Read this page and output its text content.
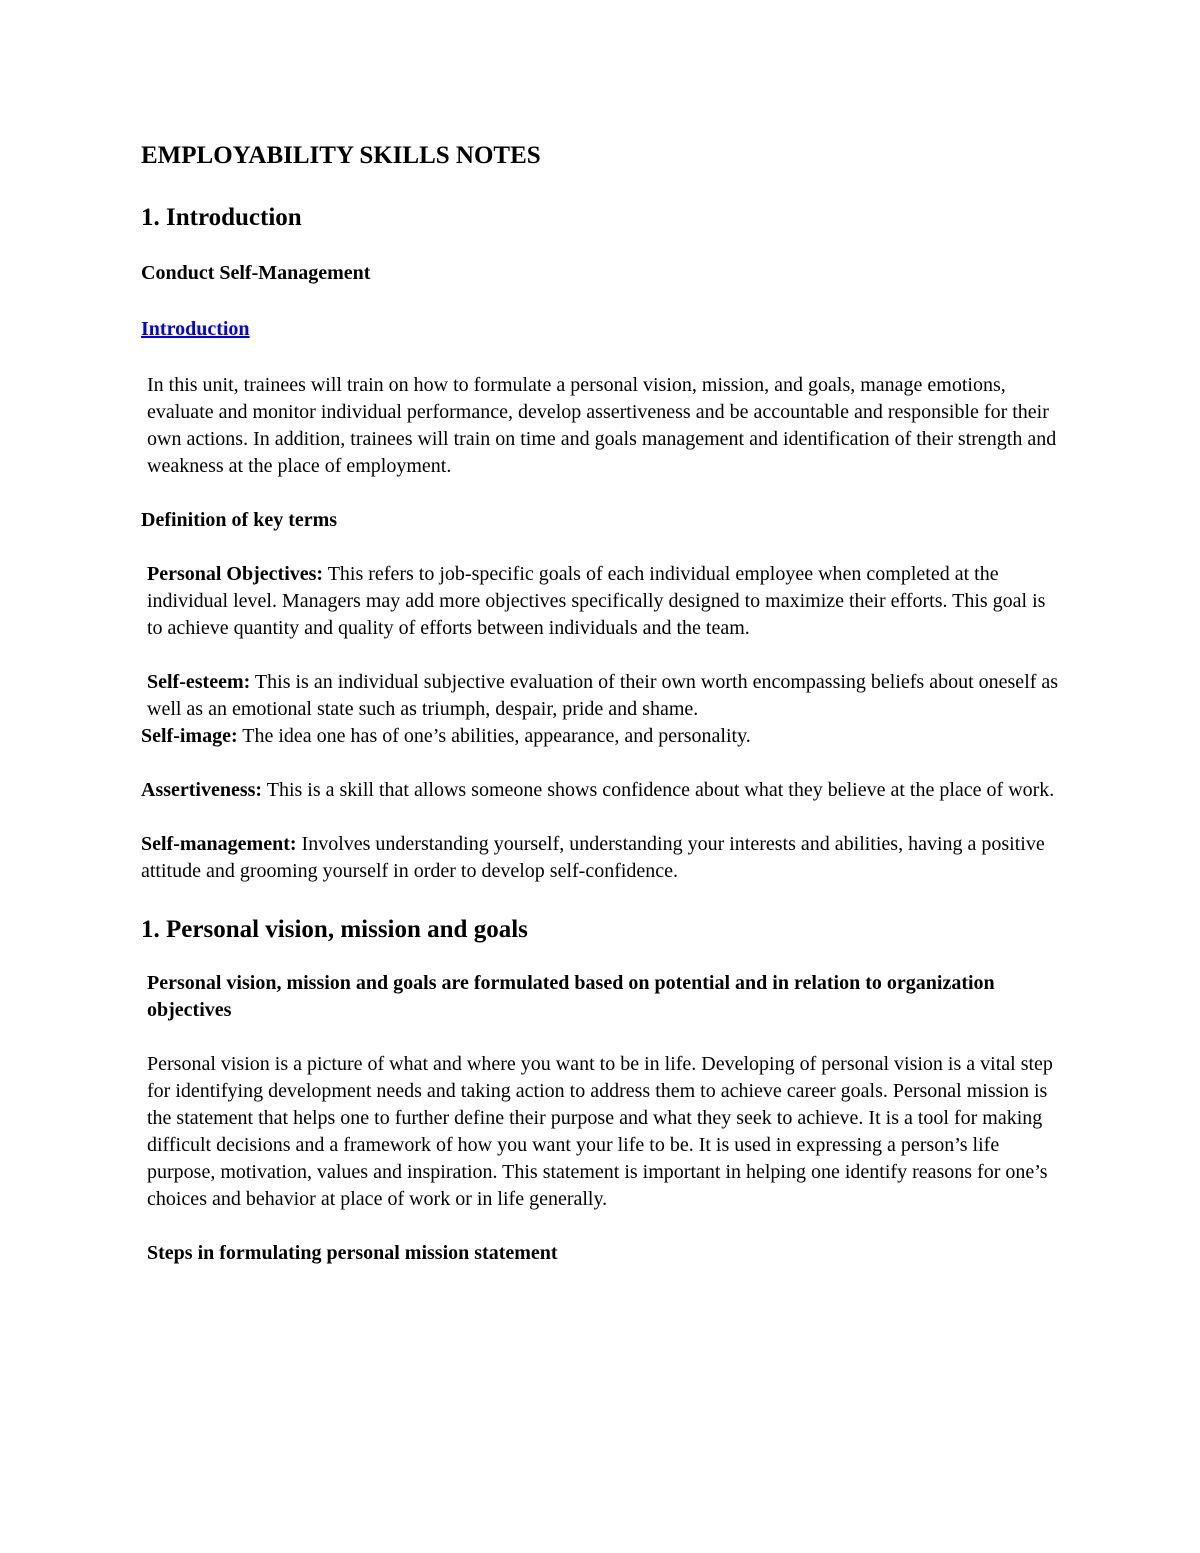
EMPLOYABILITY SKILLS NOTES
1. Introduction
Conduct Self-Management
Introduction

In this unit, trainees will train on how to formulate a personal vision, mission, and goals, manage emotions, evaluate and monitor individual performance, develop assertiveness and be accountable and responsible for their own actions. In addition, trainees will train on time and goals management and identification of their strength and weakness at the place of employment.

Definition of key terms

Personal Objectives: This refers to job-specific goals of each individual employee when completed at the individual level. Managers may add more objectives specifically designed to maximize their efforts. This goal is to achieve quantity and quality of efforts between individuals and the team.

Self-esteem: This is an individual subjective evaluation of their own worth encompassing beliefs about oneself as well as an emotional state such as triumph, despair, pride and shame.

Self-image: The idea one has of one’s abilities, appearance, and personality.

Assertiveness: This is a skill that allows someone shows confidence about what they believe at the place of work.

Self-management: Involves understanding yourself, understanding your interests and abilities, having a positive attitude and grooming yourself in order to develop self-confidence.

1. Personal vision, mission and goals

Personal vision, mission and goals are formulated based on potential and in relation to organization objectives

Personal vision is a picture of what and where you want to be in life. Developing of personal vision is a vital step for identifying development needs and taking action to address them to achieve career goals. Personal mission is the statement that helps one to further define their purpose and what they seek to achieve. It is a tool for making difficult decisions and a framework of how you want your life to be. It is used in expressing a person’s life purpose, motivation, values and inspiration. This statement is important in helping one identify reasons for one’s choices and behavior at place of work or in life generally.

Steps in formulating personal mission statement
